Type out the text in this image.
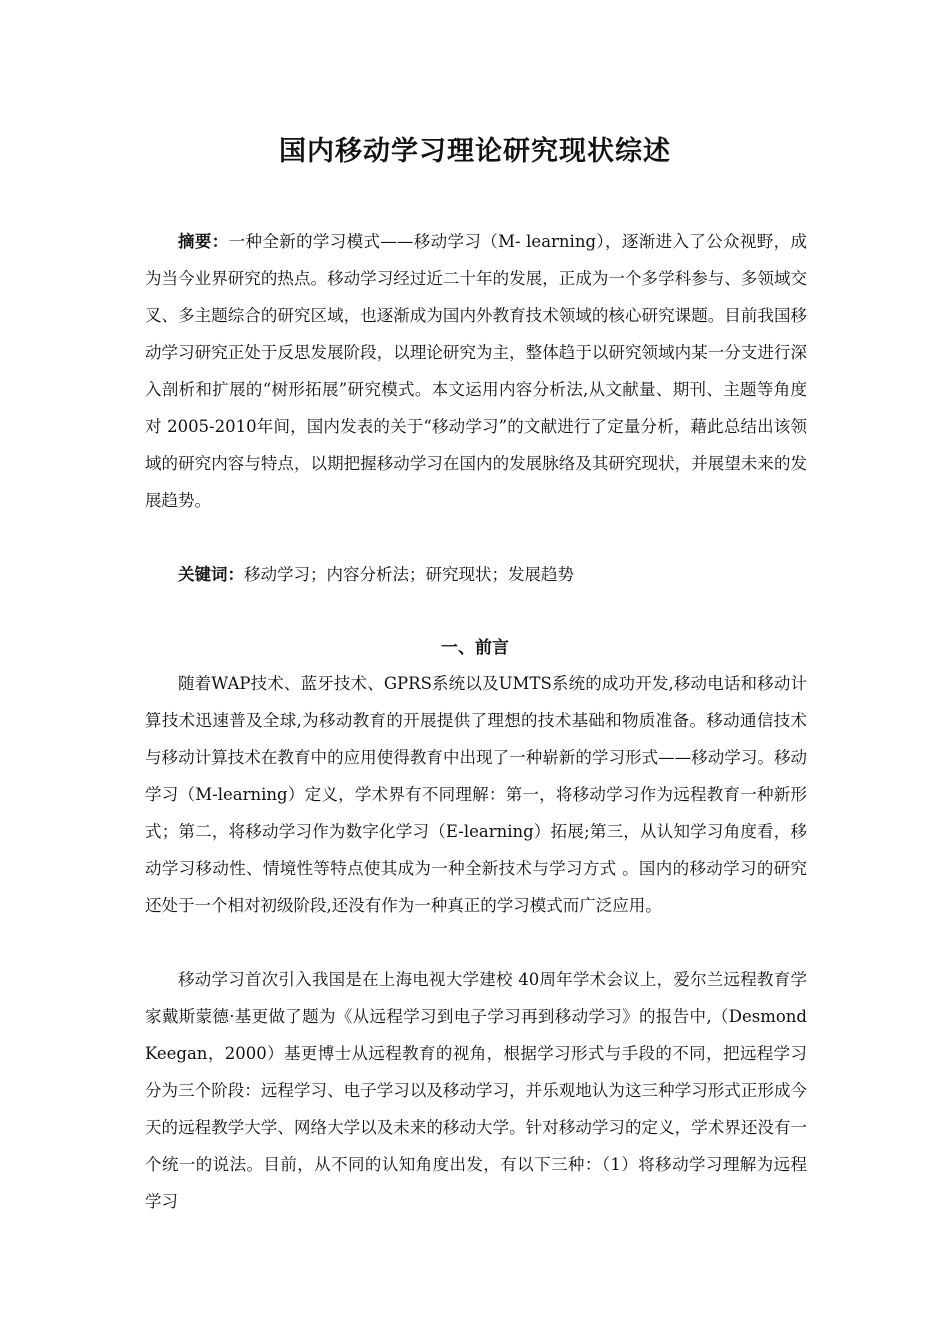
国内移动学习理论研究现状综述
摘要：一种全新的学习模式——移动学习（M- learning），逐渐进入了公众视野，成为当今业界研究的热点。移动学习经过近二十年的发展，正成为一个多学科参与、多领域交叉、多主题综合的研究区域，也逐渐成为国内外教育技术领域的核心研究课题。目前我国移动学习研究正处于反思发展阶段，以理论研究为主，整体趋于以研究领域内某一分支进行深入剖析和扩展的“树形拓展”研究模式。本文运用内容分析法,从文献量、期刊、主题等角度对 2005-2010年间，国内发表的关于“移动学习”的文献进行了定量分析，藉此总结出该领域的研究内容与特点，以期把握移动学习在国内的发展脉络及其研究现状，并展望未来的发展趋势。
关键词：移动学习；内容分析法；研究现状；发展趋势
一、前言
随着WAP技术、蓝牙技术、GPRS系统以及UMTS系统的成功开发,移动电话和移动计算技术迅速普及全球,为移动教育的开展提供了理想的技术基础和物质准备。移动通信技术与移动计算技术在教育中的应用使得教育中出现了一种崭新的学习形式——移动学习。移动学习（M-learning）定义，学术界有不同理解：第一，将移动学习作为远程教育一种新形式；第二，将移动学习作为数字化学习（E-learning）拓展;第三，从认知学习角度看，移动学习移动性、情境性等特点使其成为一种全新技术与学习方式 。国内的移动学习的研究还处于一个相对初级阶段,还没有作为一种真正的学习模式而广泛应用。
移动学习首次引入我国是在上海电视大学建校 40周年学术会议上，爱尔兰远程教育学家戴斯蒙德·基更做了题为《从远程学习到电子学习再到移动学习》的报告中,（Desmond Keegan，2000）基更博士从远程教育的视角，根据学习形式与手段的不同，把远程学习分为三个阶段：远程学习、电子学习以及移动学习，并乐观地认为这三种学习形式正形成今天的远程教学大学、网络大学以及未来的移动大学。针对移动学习的定义，学术界还没有一个统一的说法。目前，从不同的认知角度出发，有以下三种：（1）将移动学习理解为远程学习
